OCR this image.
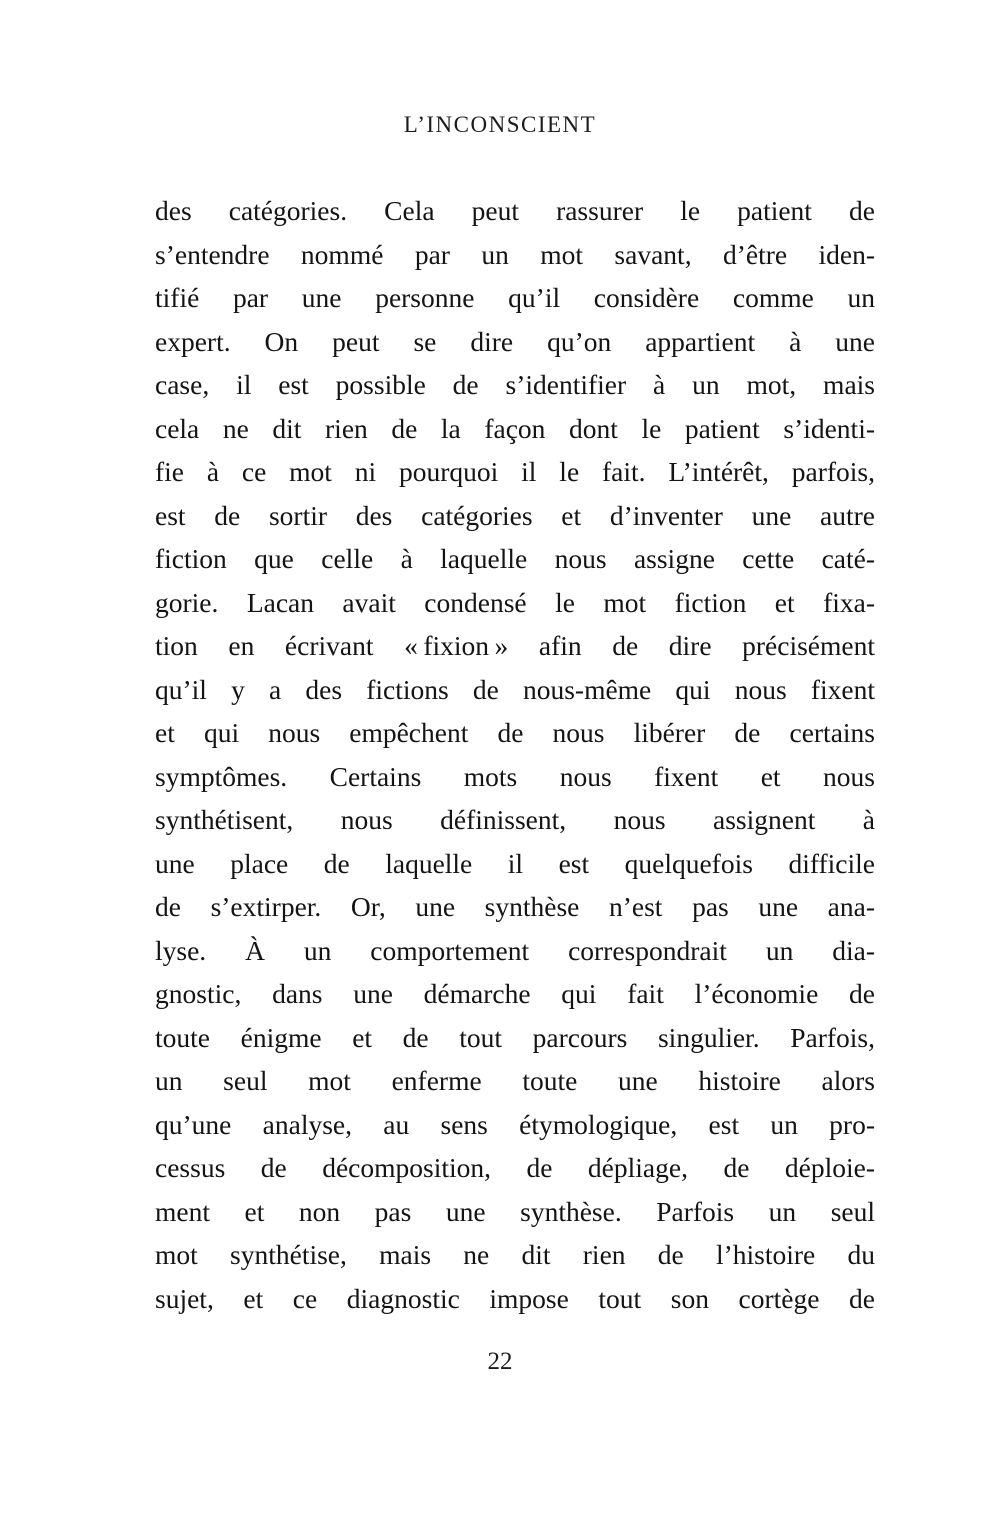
L’INCONSCIENT
des catégories. Cela peut rassurer le patient de
s’entendre nommé par un mot savant, d’être iden-
tifié par une personne qu’il considère comme un
expert. On peut se dire qu’on appartient à une
case, il est possible de s’identifier à un mot, mais
cela ne dit rien de la façon dont le patient s’identi-
fie à ce mot ni pourquoi il le fait. L’intérêt, parfois,
est de sortir des catégories et d’inventer une autre
fiction que celle à laquelle nous assigne cette caté-
gorie. Lacan avait condensé le mot fiction et fixa-
tion en écrivant « fixion » afin de dire précisément
qu’il y a des fictions de nous-même qui nous fixent
et qui nous empêchent de nous libérer de certains
symptômes. Certains mots nous fixent et nous
synthétisent, nous définissent, nous assignent à
une place de laquelle il est quelquefois difficile
de s’extirper. Or, une synthèse n’est pas une ana-
lyse. À un comportement correspondrait un dia-
gnostic, dans une démarche qui fait l’économie de
toute énigme et de tout parcours singulier. Parfois,
un seul mot enferme toute une histoire alors
qu’une analyse, au sens étymologique, est un pro-
cessus de décomposition, de dépliage, de déploie-
ment et non pas une synthèse. Parfois un seul
mot synthétise, mais ne dit rien de l’histoire du
sujet, et ce diagnostic impose tout son cortège de
22
